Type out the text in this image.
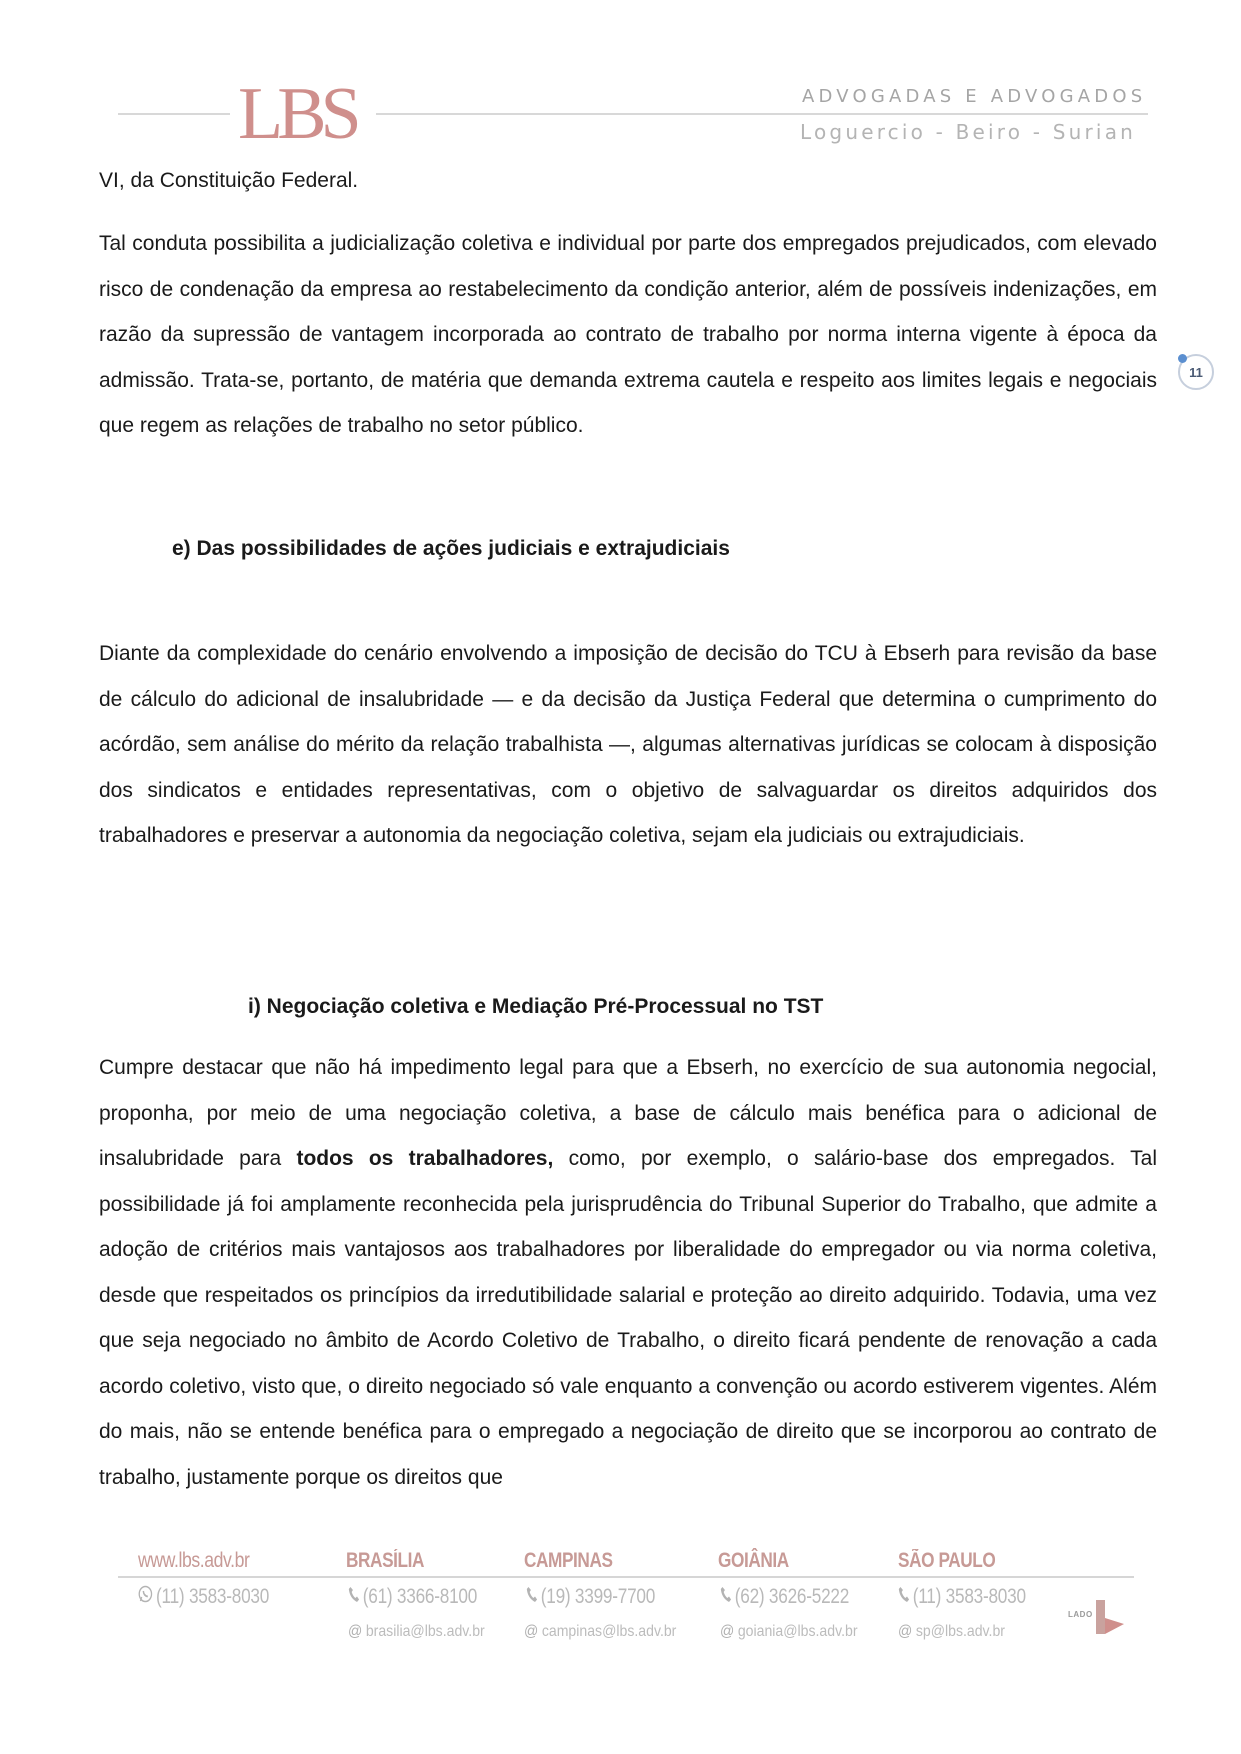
LBS	ADVOGADAS E ADVOGADOS
Loguercio - Beiro - Surian
11
VI, da Constituição Federal.
Tal conduta possibilita a judicialização coletiva e individual por parte dos empregados prejudicados, com elevado risco de condenação da empresa ao restabelecimento da condição anterior, além de possíveis indenizações, em razão da supressão de vantagem incorporada ao contrato de trabalho por norma interna vigente à época da admissão. Trata-se, portanto, de matéria que demanda extrema cautela e respeito aos limites legais e negociais que regem as relações de trabalho no setor público.
e) Das possibilidades de ações judiciais e extrajudiciais
Diante da complexidade do cenário envolvendo a imposição de decisão do TCU à Ebserh para revisão da base de cálculo do adicional de insalubridade — e da decisão da Justiça Federal que determina o cumprimento do acórdão, sem análise do mérito da relação trabalhista —, algumas alternativas jurídicas se colocam à disposição dos sindicatos e entidades representativas, com o objetivo de salvaguardar os direitos adquiridos dos trabalhadores e preservar a autonomia da negociação coletiva, sejam ela judiciais ou extrajudiciais.
i) Negociação coletiva e Mediação Pré-Processual no TST
Cumpre destacar que não há impedimento legal para que a Ebserh, no exercício de sua autonomia negocial, proponha, por meio de uma negociação coletiva, a base de cálculo mais benéfica para o adicional de insalubridade para todos os trabalhadores, como, por exemplo, o salário-base dos empregados. Tal possibilidade já foi amplamente reconhecida pela jurisprudência do Tribunal Superior do Trabalho, que admite a adoção de critérios mais vantajosos aos trabalhadores por liberalidade do empregador ou via norma coletiva, desde que respeitados os princípios da irredutibilidade salarial e proteção ao direito adquirido. Todavia, uma vez que seja negociado no âmbito de Acordo Coletivo de Trabalho, o direito ficará pendente de renovação a cada acordo coletivo, visto que, o direito negociado só vale enquanto a convenção ou acordo estiverem vigentes. Além do mais, não se entende benéfica para o empregado a negociação de direito que se incorporou ao contrato de trabalho, justamente porque os direitos que
www.lbs.adv.br
(11) 3583-8030
BRASÍLIA
(61) 3366-8100
@ brasilia@lbs.adv.br
CAMPINAS
(19) 3399-7700
@ campinas@lbs.adv.br
GOIÂNIA
(62) 3626-5222
@ goiania@lbs.adv.br
SÃO PAULO
(11) 3583-8030
@ sp@lbs.adv.br
LADO
